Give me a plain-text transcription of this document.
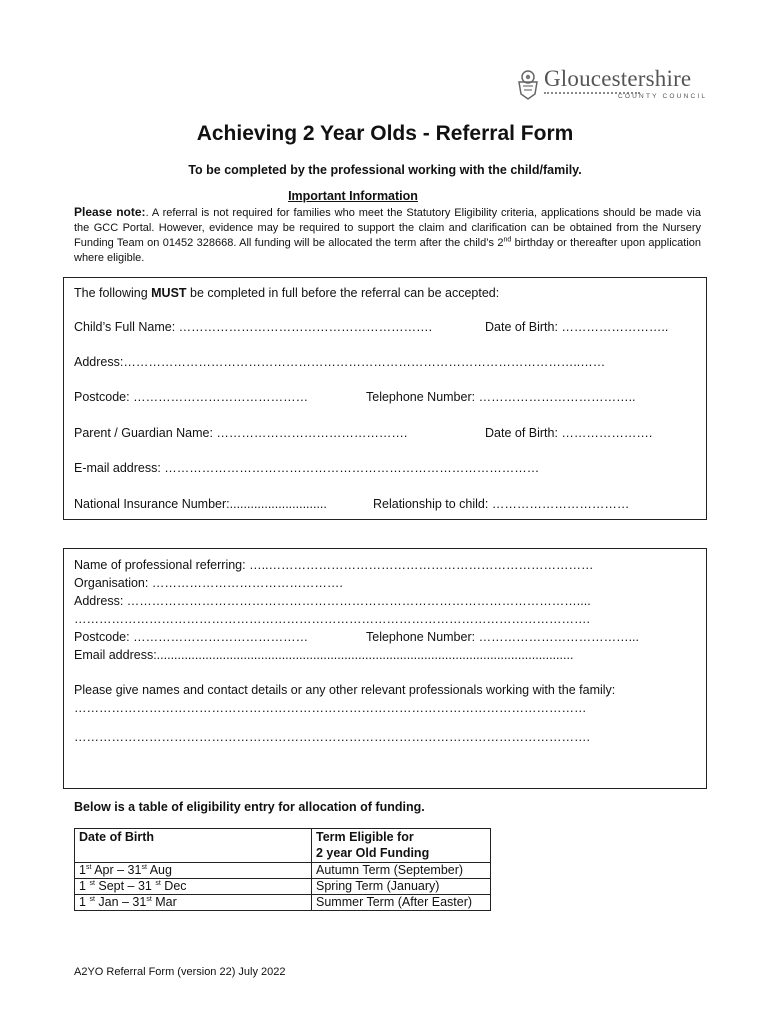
Gloucestershire
COUNTY COUNCIL
Achieving 2 Year Olds - Referral Form
To be completed by the professional working with the child/family.
Important Information
Please note:. A referral is not required for families who meet the Statutory Eligibility criteria, applications should be made via the GCC Portal. However, evidence may be required to support the claim and clarification can be obtained from the Nursery Funding Team on 01452 328668. All funding will be allocated the term after the child’s 2nd birthday or thereafter upon application where eligible.
The following MUST be completed in full before the referral can be accepted:
Child’s Full Name: …………………………………………………….	Date of Birth: ……………………..
Address:………………………………………………………………………………………………..……
Postcode: ……………………………………	Telephone Number: ………………………………..
Parent / Guardian Name: ……………………………………….	Date of Birth: ………………….
E-mail address: ………………………………………………………………………………
National Insurance Number:............................	Relationship to child: ……………………………
Name of professional referring: …..……………………………………………………………………
Organisation: ……………………………………….
Address: ………………………………………………………………………………………………....
…………………………………………………………………………………………………………….
Postcode: ……………………………………	Telephone Number: ………………………………...
Email address:........................................................................................................................
Please give names and contact details or any other relevant professionals working with the family:
……………………………………………………………………………………………………………
…………………………………………………………………………………………………………….
Below is a table of eligibility entry for allocation of funding.
Date of Birth	Term Eligible for
2 year Old Funding
1st Apr – 31st Aug	Autumn Term (September)
1 $^{st}$ Sept – 31 $^{st}$ Dec	Spring Term (January)
1 $^{st}$ Jan – 31st Mar	Summer Term (After Easter)
A2YO Referral Form (version 22) July 2022
